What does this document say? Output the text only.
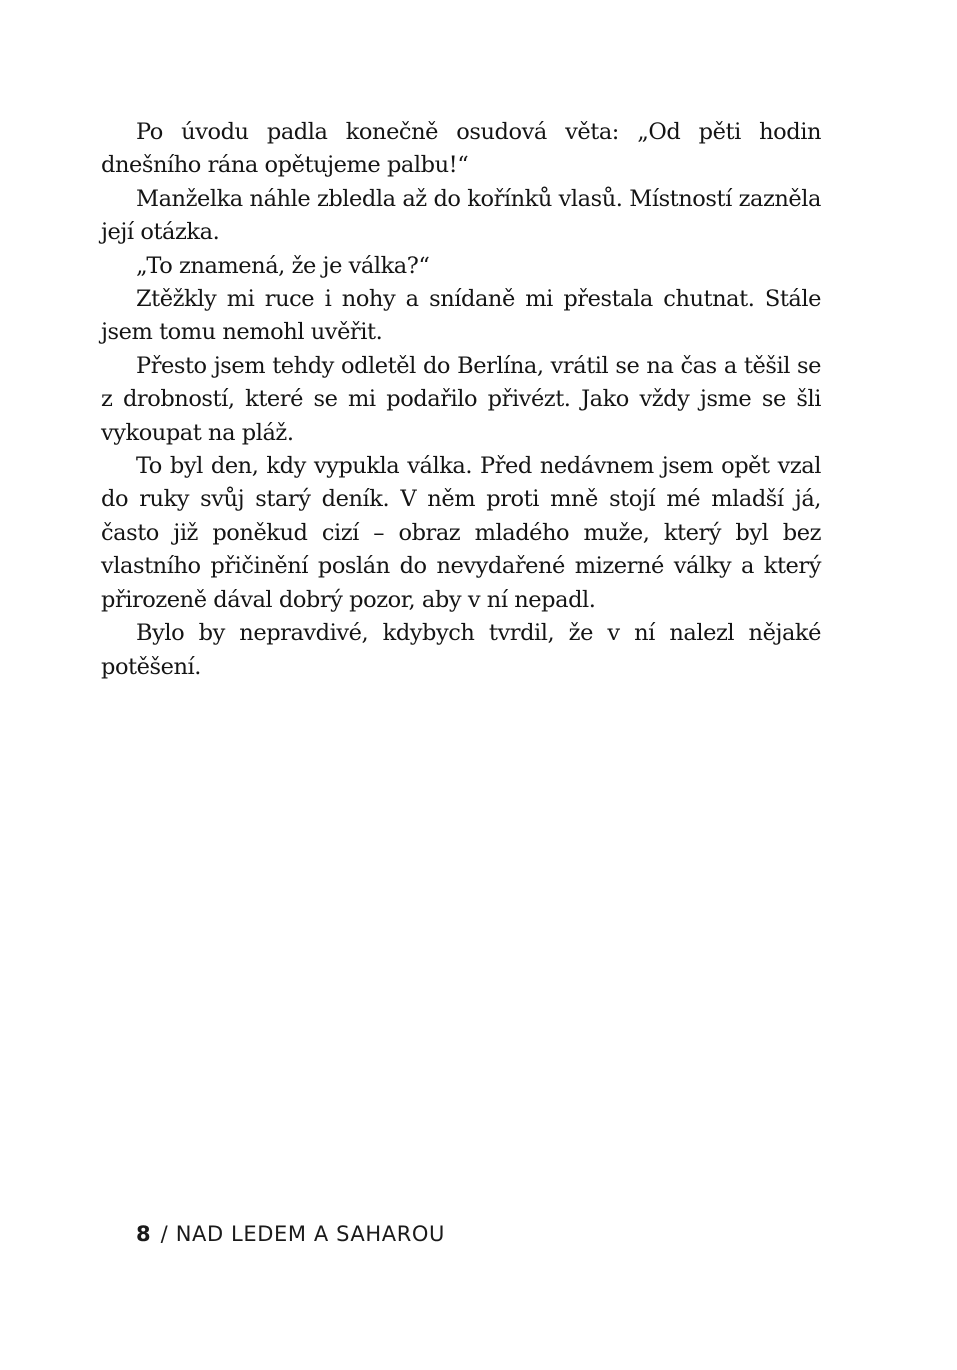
Po úvodu padla konečně osudová věta: „Od pěti hodin dnešního rána opětujeme palbu!“

Manželka náhle zbledla až do kořínků vlasů. Místností zazněla její otázka.

„To znamená, že je válka?“

Ztěžkly mi ruce i nohy a snídaně mi přestala chutnat. Stále jsem tomu nemohl uvěřit.

Přesto jsem tehdy odletěl do Berlína, vrátil se na čas a těšil se z drobností, které se mi podařilo přivézt. Jako vždy jsme se šli vykoupat na pláž.

To byl den, kdy vypukla válka. Před nedávnem jsem opět vzal do ruky svůj starý deník. V něm proti mně stojí mé mladší já, často již poněkud cizí – obraz mladého muže, který byl bez vlastního přičinění poslán do nevydařené mizerné války a který přirozeně dával dobrý pozor, aby v ní nepadl.

Bylo by nepravdivé, kdybych tvrdil, že v ní nalezl nějaké potěšení.

8 / NAD LEDEM A SAHAROU
